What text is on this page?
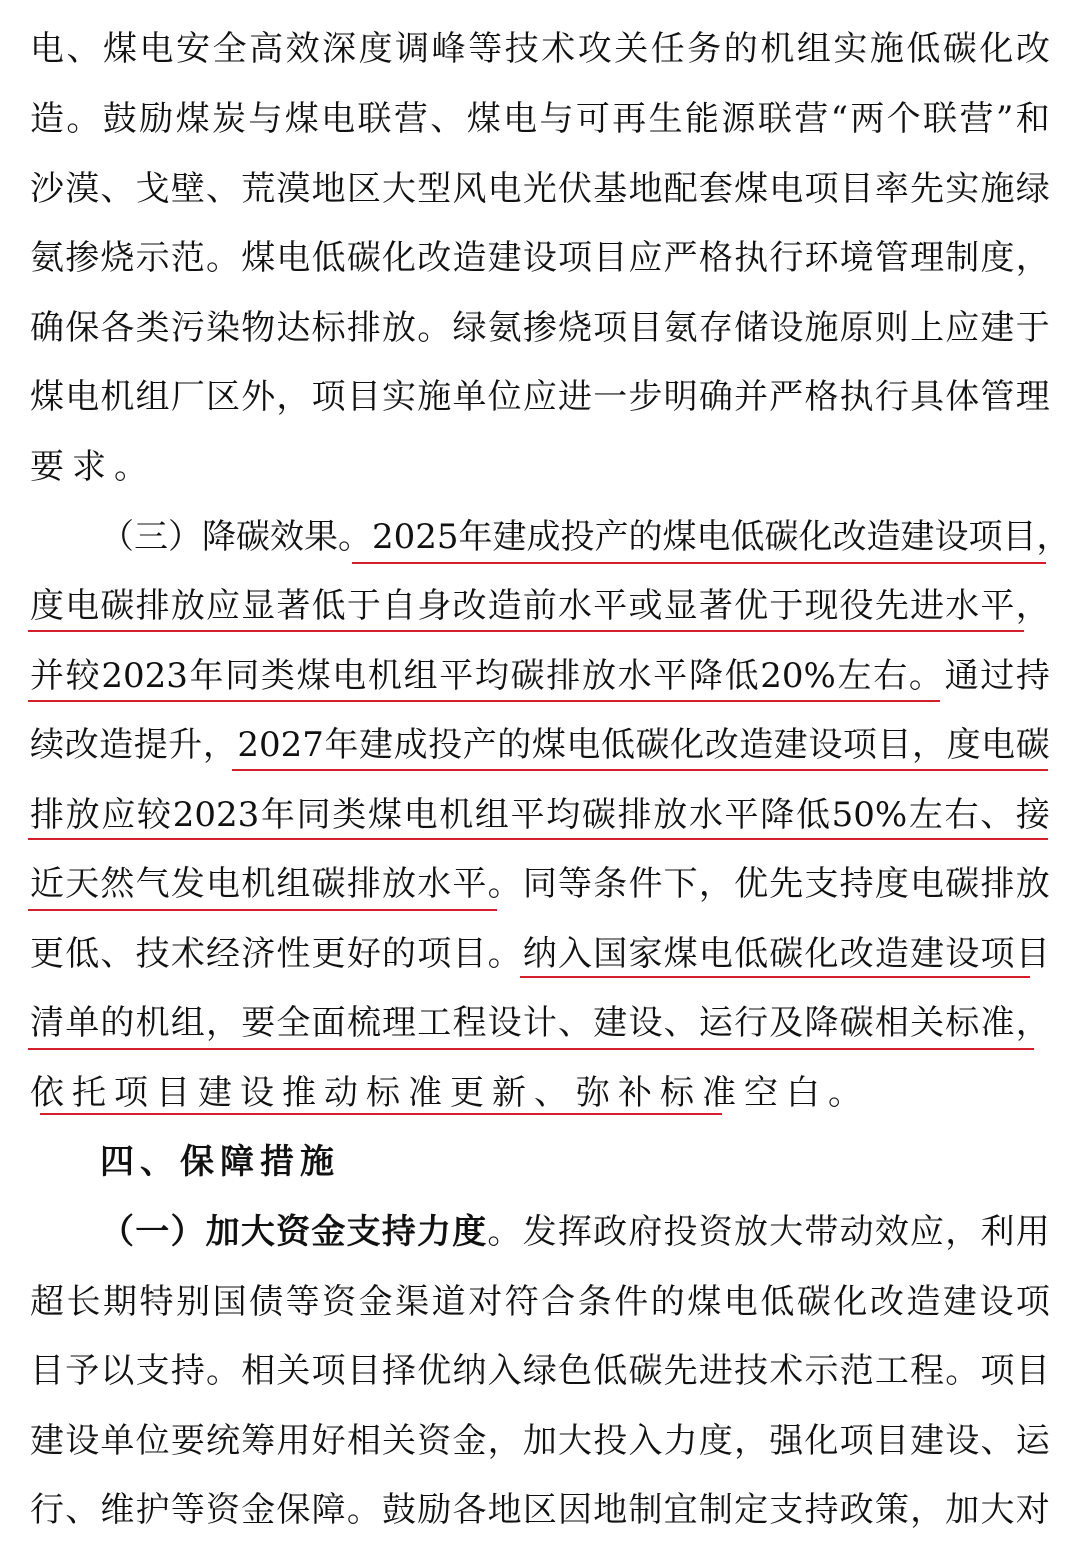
电 、 煤 电 安 全 高 效 深 度 调 峰 等 技 术 攻 关 任 务 的 机 组 实 施 低 碳 化 改
造 。 鼓 励 煤 炭 与 煤 电 联 营 、 煤 电 与 可 再 生 能 源 联 营 “ 两 个 联 营 ” 和
沙 漠 、 戈 壁 、 荒 漠 地 区 大 型 风 电 光 伏 基 地 配 套 煤 电 项 目 率 先 实 施 绿
氨 掺 烧 示 范 。 煤 电 低 碳 化 改 造 建 设 项 目 应 严 格 执 行 环 境 管 理 制 度 ，
确 保 各 类 污 染 物 达 标 排 放 。 绿 氨 掺 烧 项 目 氨 存 储 设 施 原 则 上 应 建 于
煤 电 机 组 厂 区 外 ， 项 目 实 施 单 位 应 进 一 步 明 确 并 严 格 执 行 具 体 管 理
要 求 。
（ 三 ） 降 碳 效 果 。 2025 年 建 成 投 产 的 煤 电 低 碳 化 改 造 建 设 项 目 ，
度 电 碳 排 放 应 显 著 低 于 自 身 改 造 前 水 平 或 显 著 优 于 现 役 先 进 水 平 ，
并 较 2023 年 同 类 煤 电 机 组 平 均 碳 排 放 水 平 降 低 20% 左 右 。 通 过 持
续 改 造 提 升 ， 2027 年 建 成 投 产 的 煤 电 低 碳 化 改 造 建 设 项 目 ， 度 电 碳
排 放 应 较 2023 年 同 类 煤 电 机 组 平 均 碳 排 放 水 平 降 低 50% 左 右 、 接
近 天 然 气 发 电 机 组 碳 排 放 水 平 。 同 等 条 件 下 ， 优 先 支 持 度 电 碳 排 放
更 低 、 技 术 经 济 性 更 好 的 项 目 。 纳 入 国 家 煤 电 低 碳 化 改 造 建 设 项 目
清 单 的 机 组 ， 要 全 面 梳 理 工 程 设 计 、 建 设 、 运 行 及 降 碳 相 关 标 准 ，
依 托 项 目 建 设 推 动 标 准 更 新 、 弥 补 标 准 空 白 。
四 、 保 障 措 施
（ 一 ） 加 大 资 金 支 持 力 度 。 发 挥 政 府 投 资 放 大 带 动 效 应 ， 利 用
超 长 期 特 别 国 债 等 资 金 渠 道 对 符 合 条 件 的 煤 电 低 碳 化 改 造 建 设 项
目 予 以 支 持 。 相 关 项 目 择 优 纳 入 绿 色 低 碳 先 进 技 术 示 范 工 程 。 项 目
建 设 单 位 要 统 筹 用 好 相 关 资 金 ， 加 大 投 入 力 度 ， 强 化 项 目 建 设 、 运
行 、 维 护 等 资 金 保 障 。 鼓 励 各 地 区 因 地 制 宜 制 定 支 持 政 策 ， 加 大 对
